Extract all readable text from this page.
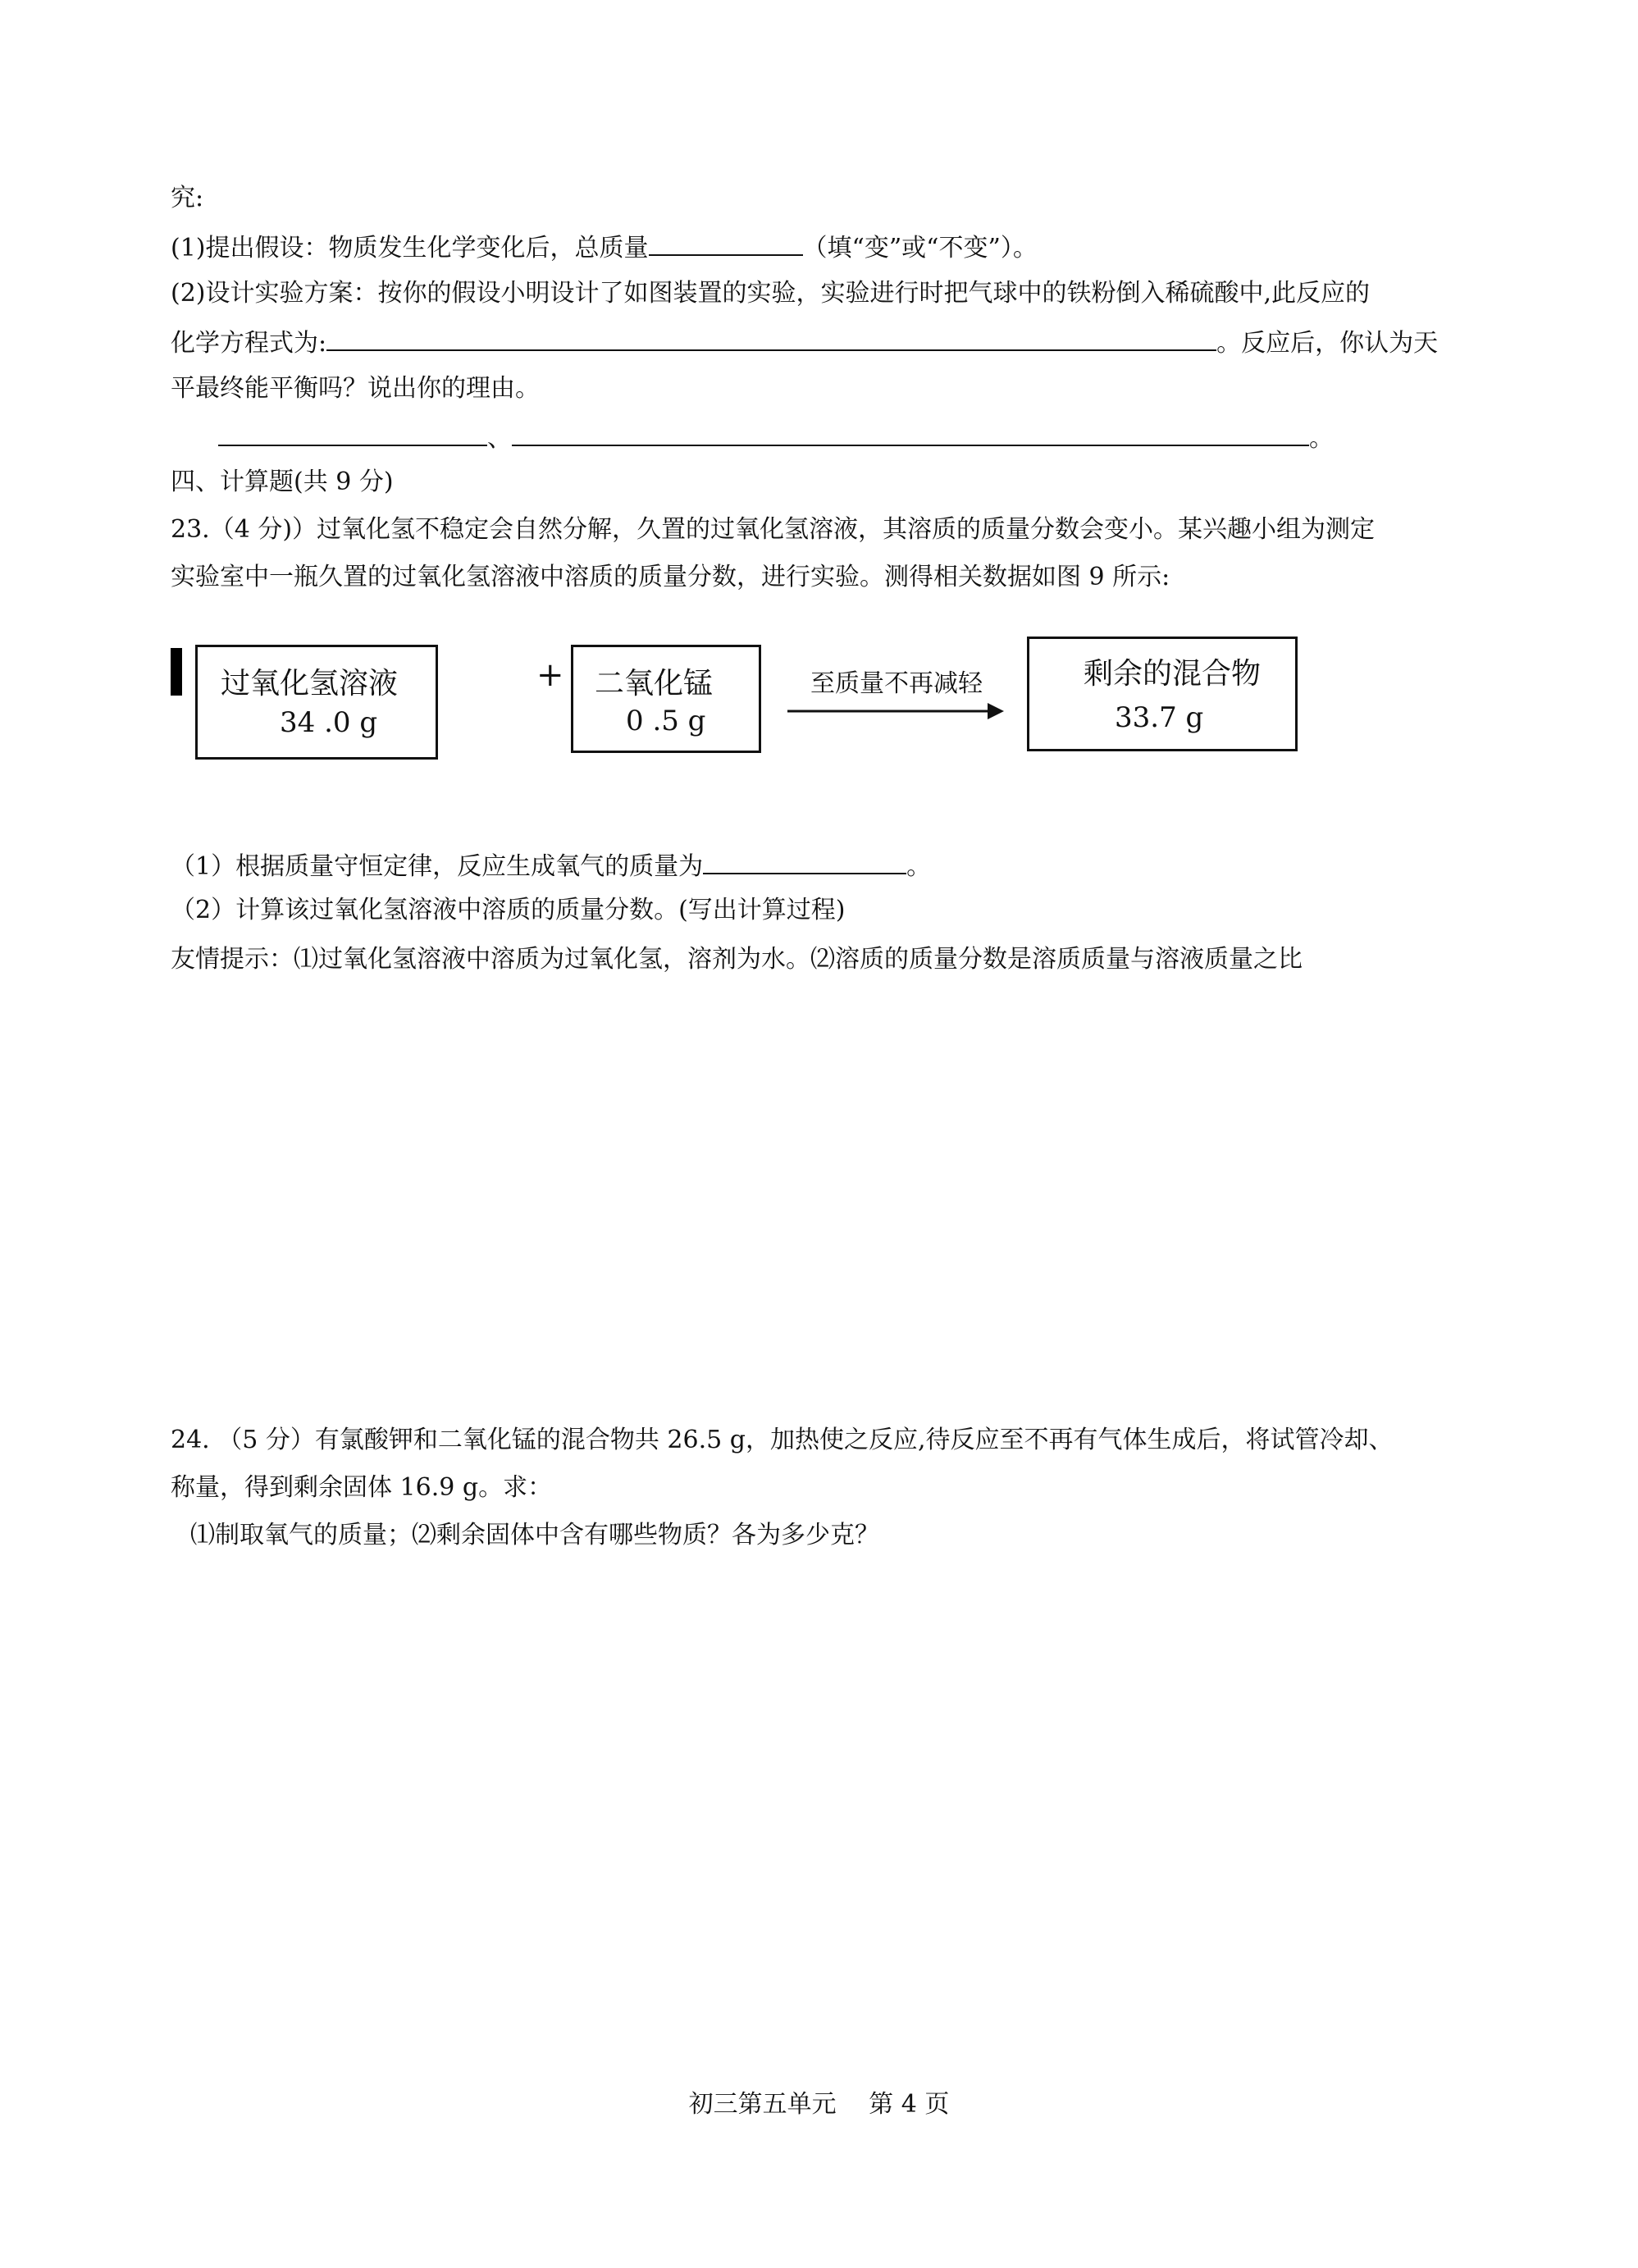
究:
(1)提出假设：物质发生化学变化后，总质量	（填“变”或“不变”）。
(2)设计实验方案：按你的假设小明设计了如图装置的实验，实验进行时把气球中的铁粉倒入稀硫酸中,此反应的
化学方程式为:	。反应后，你认为天
平最终能平衡吗？说出你的理由。
、	。
四、计算题(共 9 分)
23.（4 分)）过氧化氢不稳定会自然分解，久置的过氧化氢溶液，其溶质的质量分数会变小。某兴趣小组为测定
实验室中一瓶久置的过氧化氢溶液中溶质的质量分数，进行实验。测得相关数据如图 9 所示:
过氧化氢溶液
34 .0 g
+ 二氧化锰
0 .5 g
至质量不再减轻	剩余的混合物
33.7 g
（1）根据质量守恒定律，反应生成氧气的质量为	。
（2）计算该过氧化氢溶液中溶质的质量分数。(写出计算过程)
友情提示：⑴过氧化氢溶液中溶质为过氧化氢，溶剂为水。⑵溶质的质量分数是溶质质量与溶液质量之比
24. （5 分）有氯酸钾和二氧化锰的混合物共 26.5 g，加热使之反应,待反应至不再有气体生成后，将试管冷却、
称量，得到剩余固体 16.9 g。求：
⑴制取氧气的质量；⑵剩余固体中含有哪些物质？各为多少克？
初三第五单元 　第 4 页
